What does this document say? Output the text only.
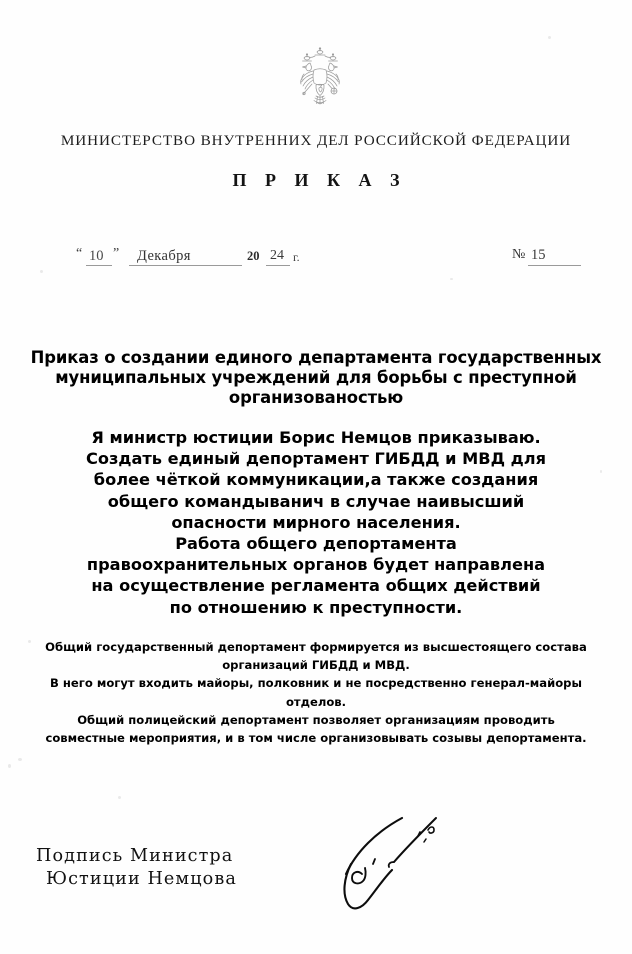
МИНИСТЕРСТВО ВНУТРЕННИХ ДЕЛ РОССИЙСКОЙ ФЕДЕРАЦИИ
П Р И К А З
“ 10 ” Декабря	20 24 г.	№ 15
Приказ о создании единого департамента государственных
муниципальных учреждений для борьбы с преступной
организованостью
Я министр юстиции Борис Немцов приказываю.
Создать единый депортамент ГИБДД и МВД для
более чёткой коммуникации,а также создания
общего командыванич в случае наивысший
опасности мирного населения.
Работа общего депортамента
правоохранительных органов будет направлена
на осуществление регламента общих действий
по отношению к преступности.
Общий государственный депортамент формируется из высшестоящего состава
организаций ГИБДД и МВД.
В него могут входить майоры, полковник и не посредственно генерал-майоры
отделов.
Общий полицейский депортамент позволяет организациям проводить
совместные мероприятия, и в том числе организовывать созывы депортамента.
Подпись Министра
Юстиции Немцова
